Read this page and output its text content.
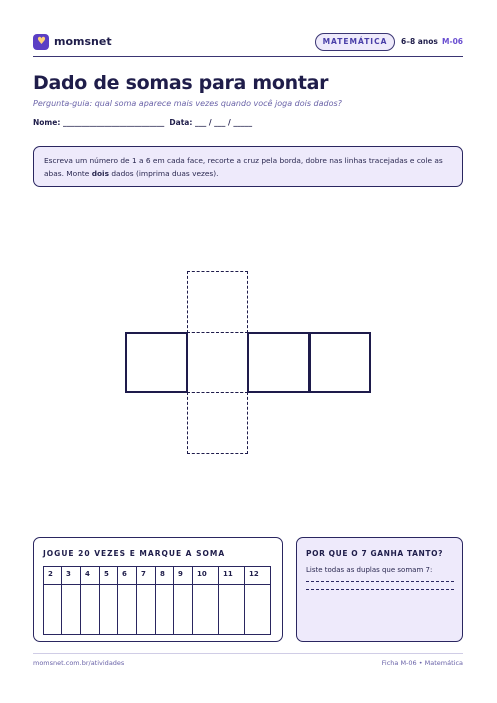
♥ momsnet	MATEMÁTICA	6–8 anos M-06
Dado de somas para montar
Pergunta-guia: qual soma aparece mais vezes quando você joga dois dados?
Nome: ___________________________  Data: ___ / ___ / _____
Escreva um número de 1 a 6 em cada face, recorte a cruz pela borda, dobre nas linhas tracejadas e cole as abas. Monte dois dados (imprima duas vezes).
JOGUE 20 VEZES E MARQUE A SOMA
2	3	4	5	6	7	8	9	10	11	12

POR QUE O 7 GANHA TANTO?
Liste todas as duplas que somam 7:
momsnet.com.br/atividades	Ficha M-06 • Matemática
